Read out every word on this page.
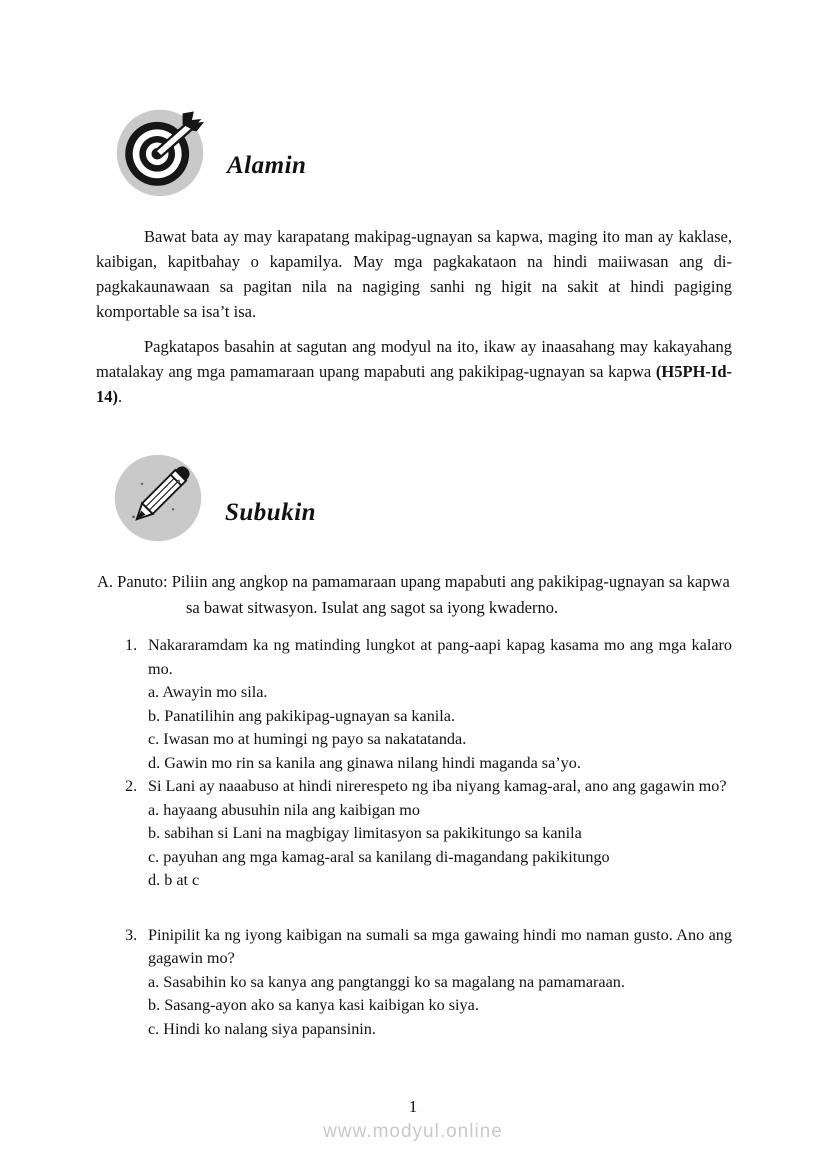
Alamin

Bawat bata ay may karapatang makipag-ugnayan sa kapwa, maging ito man ay kaklase, kaibigan, kapitbahay o kapamilya. May mga pagkakataon na hindi maiiwasan ang di-pagkakaunawaan sa pagitan nila na nagiging sanhi ng higit na sakit at hindi pagiging komportable sa isa’t isa.

Pagkatapos basahin at sagutan ang modyul na ito, ikaw ay inaasahang may kakayahang matalakay ang mga pamamaraan upang mapabuti ang pakikipag-ugnayan sa kapwa (H5PH-Id-14).

Subukin
A. Panuto: Piliin ang angkop na pamamaraan upang mapabuti ang pakikipag-ugnayan sa kapwa
sa bawat sitwasyon. Isulat ang sagot sa iyong kwaderno.
1. Nakararamdam ka ng matinding lungkot at pang-aapi kapag kasama mo ang mga kalaro mo.
a. Awayin mo sila.
b. Panatilihin ang pakikipag-ugnayan sa kanila.
c. Iwasan mo at humingi ng payo sa nakatatanda.
d. Gawin mo rin sa kanila ang ginawa nilang hindi maganda sa’yo.
2. Si Lani ay naaabuso at hindi nirerespeto ng iba niyang kamag-aral, ano ang gagawin mo?
a. hayaang abusuhin nila ang kaibigan mo
b. sabihan si Lani na magbigay limitasyon sa pakikitungo sa kanila
c. payuhan ang mga kamag-aral sa kanilang di-magandang pakikitungo
d. b at c
3. Pinipilit ka ng iyong kaibigan na sumali sa mga gawaing hindi mo naman gusto. Ano ang gagawin mo?
a. Sasabihin ko sa kanya ang pangtanggi ko sa magalang na pamamaraan.
b. Sasang-ayon ako sa kanya kasi kaibigan ko siya.
c. Hindi ko nalang siya papansinin.
1
www.modyul.online
